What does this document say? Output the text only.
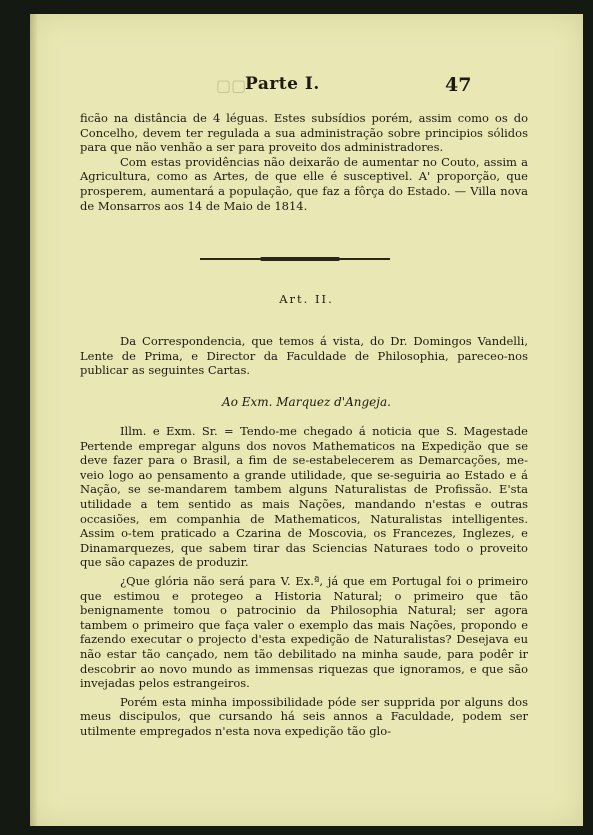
▢▢
Parte I.	47

ficão na distância de 4 léguas. Estes subsídios porém, assim como os do Concelho, devem ter regulada a sua administração sobre principios sólidos para que não venhão a ser para proveito dos administradores.

Com estas providências não deixarão de aumentar no Couto, assim a Agricultura, como as Artes, de que elle é susceptivel. A' proporção, que prosperem, aumentará a população, que faz a fôrça do Estado. — Villa nova de Monsarros aos 14 de Maio de 1814.

Art. II.

Da Correspondencia, que temos á vista, do Dr. Domingos Vandelli, Lente de Prima, e Director da Faculdade de Philosophia, pareceo-nos publicar as seguintes Cartas.

Ao Exm. Marquez d'Angeja.

Illm. e Exm. Sr. = Tendo-me chegado á noticia que S. Magestade Pertende empregar alguns dos novos Mathematicos na Expedição que se deve fazer para o Brasil, a fim de se-estabelecerem as Demarcações, me-veio logo ao pensamento a grande utilidade, que se-seguiria ao Estado e á Nação, se se-mandarem tambem alguns Naturalistas de Profissão. E'sta utilidade a tem sentido as mais Nações, mandando n'estas e outras occasiões, em companhia de Mathematicos, Naturalistas intelligentes. Assim o-tem praticado a Czarina de Moscovia, os Francezes, Inglezes, e Dinamarquezes, que sabem tirar das Sciencias Naturaes todo o proveito que são capazes de produzir.

¿Que glória não será para V. Ex.ª, já que em Portugal foi o primeiro que estimou e protegeo a Historia Natural; o primeiro que tão benignamente tomou o patrocinio da Philosophia Natural; ser agora tambem o primeiro que faça valer o exemplo das mais Nações, propondo e fazendo executar o projecto d'esta expedição de Naturalistas? Desejava eu não estar tão cançado, nem tão debilitado na minha saude, para podêr ir descobrir ao novo mundo as immensas riquezas que ignoramos, e que são invejadas pelos estrangeiros.

Porém esta minha impossibilidade póde ser supprida por alguns dos meus discipulos, que cursando há seis annos a Faculdade, podem ser utilmente empregados n'esta nova expedição tão glo-
